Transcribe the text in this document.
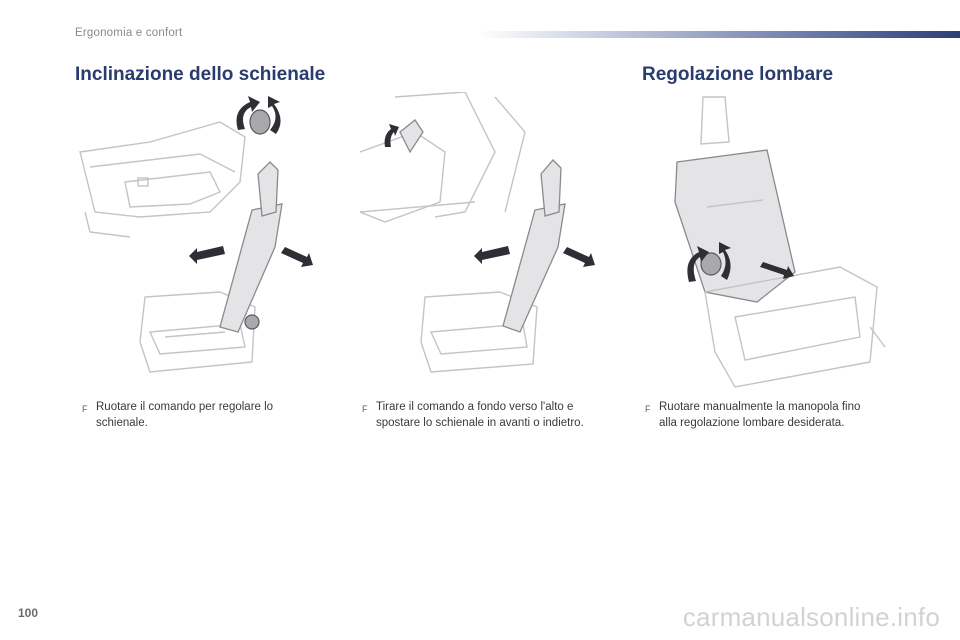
Ergonomia e confort
Inclinazione dello schienale	Regolazione lombare
F Ruotare il comando per regolare lo
schienale.
F Tirare il comando a fondo verso l'alto e
spostare lo schienale in avanti o indietro.
F Ruotare manualmente la manopola fino
alla regolazione lombare desiderata.
100	carmanualsonline.info
